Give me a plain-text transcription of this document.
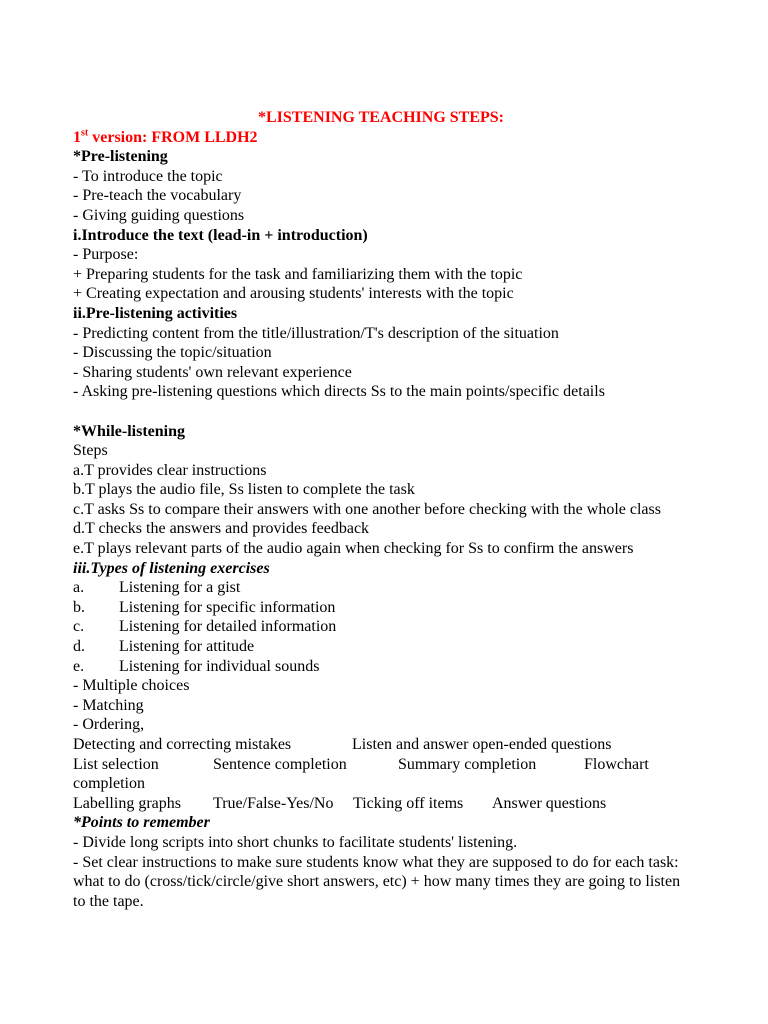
*LISTENING TEACHING STEPS:
1st version: FROM LLDH2
*Pre-listening
- To introduce the topic
- Pre-teach the vocabulary
- Giving guiding questions
i.Introduce the text (lead-in + introduction)
- Purpose:
+ Preparing students for the task and familiarizing them with the topic
+ Creating expectation and arousing students' interests with the topic
ii.Pre-listening activities
- Predicting content from the title/illustration/T's description of the situation
- Discussing the topic/situation
- Sharing students' own relevant experience
- Asking pre-listening questions which directs Ss to the main points/specific details
*While-listening
Steps
a.T provides clear instructions
b.T plays the audio file, Ss listen to complete the task
c.T asks Ss to compare their answers with one another before checking with the whole class
d.T checks the answers and provides feedback
e.T plays relevant parts of the audio again when checking for Ss to confirm the answers
iii.Types of listening exercises
a.	Listening for a gist
b.	Listening for specific information
c.	Listening for detailed information
d.	Listening for attitude
e.	Listening for individual sounds
- Multiple choices
- Matching
- Ordering,
Detecting and correcting mistakes	Listen and answer open-ended questions
List selection	Sentence completion	Summary completion	Flowchart
completion
Labelling graphs	True/False-Yes/No	Ticking off items	Answer questions
*Points to remember
- Divide long scripts into short chunks to facilitate students' listening.
- Set clear instructions to make sure students know what they are supposed to do for each task: what to do (cross/tick/circle/give short answers, etc) + how many times they are going to listen to the tape.
